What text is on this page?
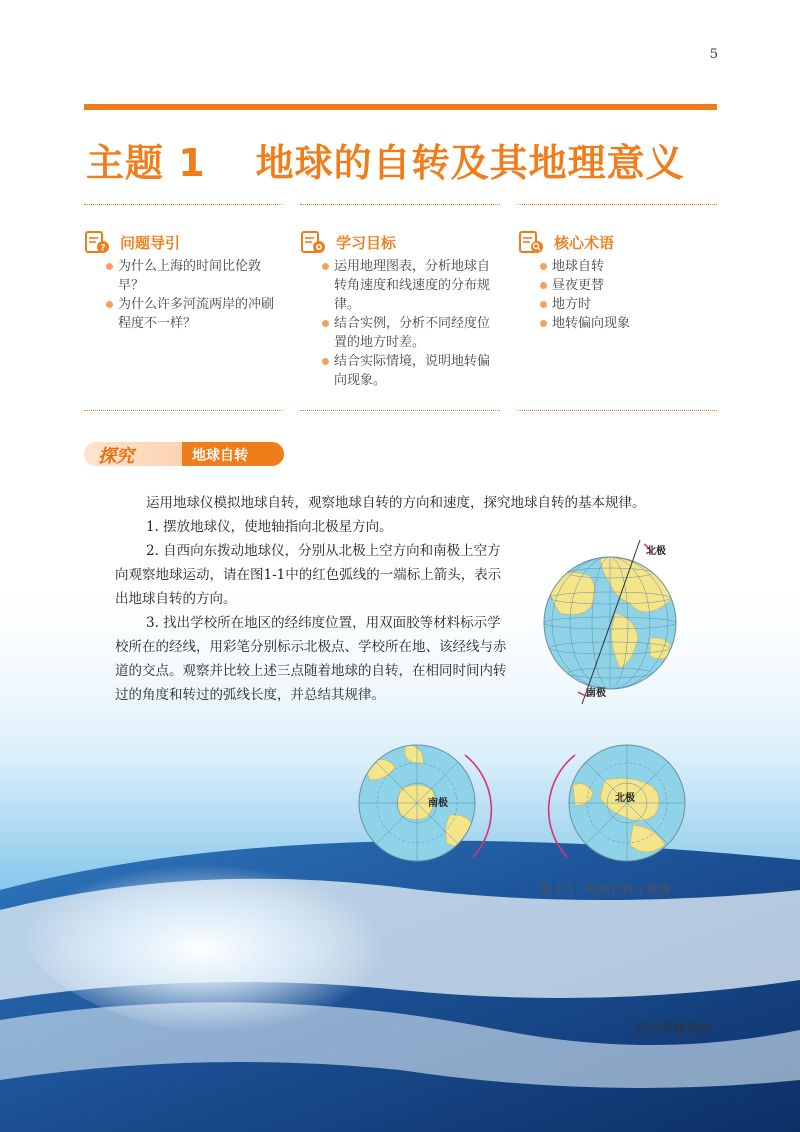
5
主题 1 地球的自转及其地理意义
? 问题导引
为什么上海的时间比伦敦早？
为什么许多河流两岸的冲刷程度不一样？
学习目标
运用地理图表，分析地球自转角速度和线速度的分布规律。
结合实例，分析不同经度位置的地方时差。
结合实际情境，说明地转偏向现象。
核心术语
地球自转
昼夜更替
地方时
地转偏向现象
探究	地球自转
运用地球仪模拟地球自转，观察地球自转的方向和速度，探究地球自转的基本规律。
1. 摆放地球仪，使地轴指向北极星方向。
2. 自西向东拨动地球仪，分别从北极上空方向和南极上空方向观察地球运动，请在图1-1中的红色弧线的一端标上箭头，表示出地球自转的方向。
3. 找出学校所在地区的经纬度位置，用双面胶等材料标示学校所在的经线，用彩笔分别标示北极点、学校所在地、该经线与赤道的交点。观察并比较上述三点随着地球的自转，在相同时间内转过的角度和转过的弧线长度，并总结其规律。
北极
南极
南极	北极
图 1-1 地球自转示意图
高空俯瞰地球
